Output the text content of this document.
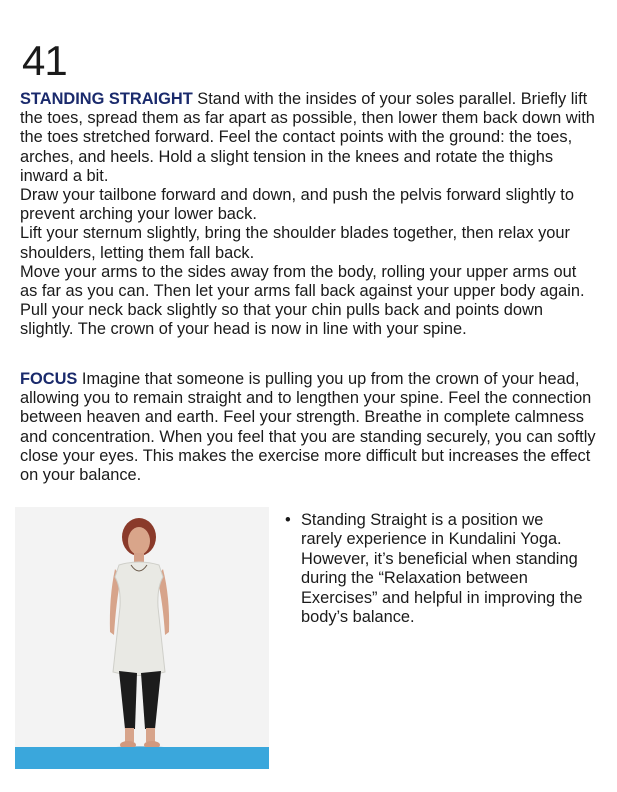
41

STANDING STRAIGHT Stand with the insides of your soles parallel. Briefly lift the toes, spread them as far apart as possible, then lower them back down with the toes stretched forward. Feel the contact points with the ground: the toes, arches, and heels. Hold a slight tension in the knees and rotate the thighs inward a bit.

Draw your tailbone forward and down, and push the pelvis forward slightly to prevent arching your lower back.

Lift your sternum slightly, bring the shoulder blades together, then relax your shoulders, letting them fall back.

Move your arms to the sides away from the body, rolling your upper arms out as far as you can. Then let your arms fall back against your upper body again. Pull your neck back slightly so that your chin pulls back and points down slightly. The crown of your head is now in line with your spine.

FOCUS Imagine that someone is pulling you up from the crown of your head, allowing you to remain straight and to lengthen your spine. Feel the connection between heaven and earth. Feel your strength. Breathe in complete calmness and concentration. When you feel that you are standing securely, you can softly close your eyes. This makes the exercise more difficult but increases the effect on your balance.

• Standing Straight is a position we rarely experience in Kundalini Yoga. However, it’s beneficial when standing during the “Relaxation between Exercises” and helpful in improving the body’s balance.
